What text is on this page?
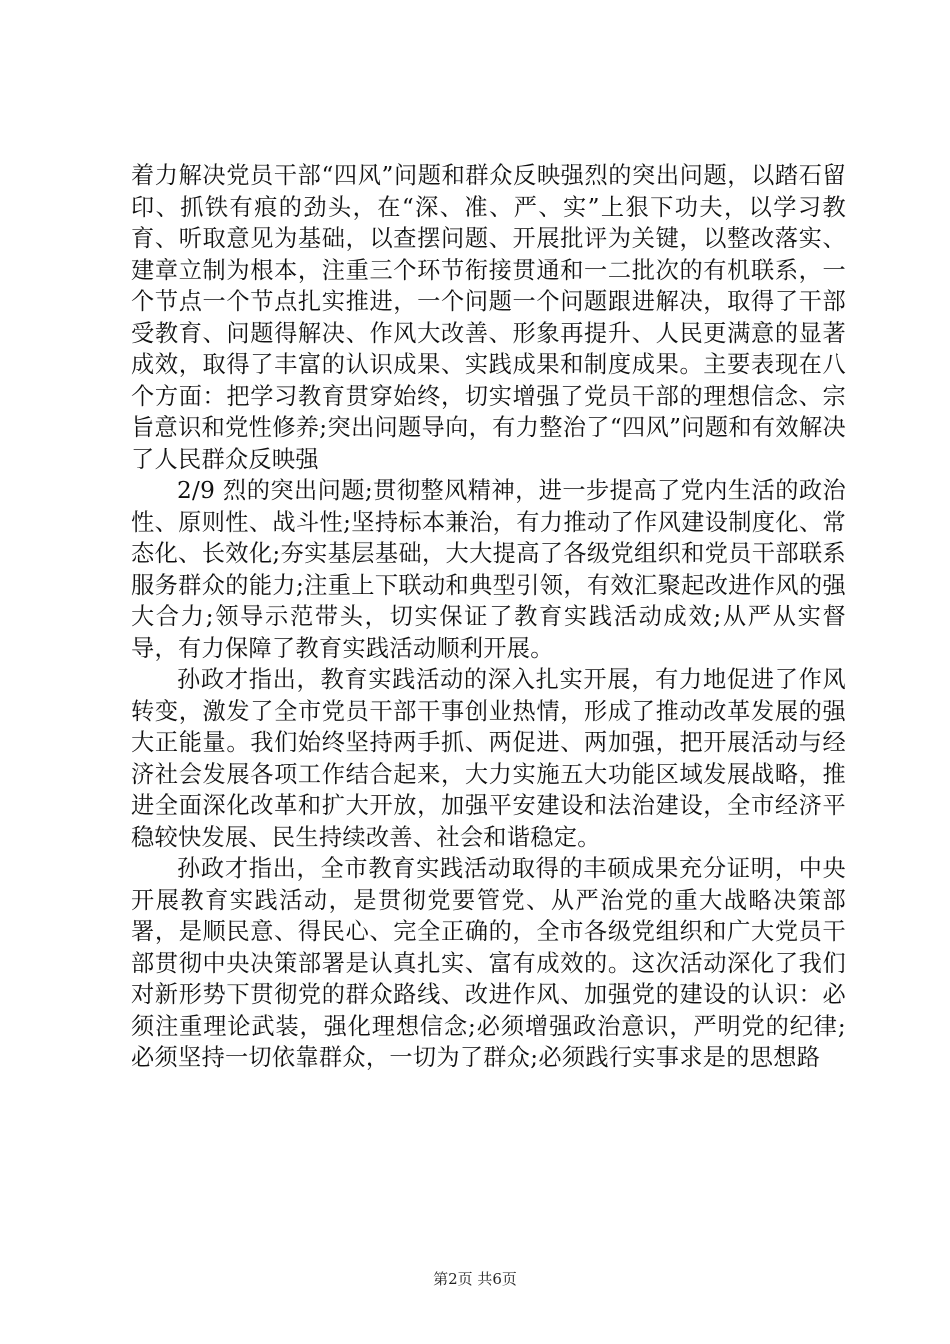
着力解决党员干部“四风”问题和群众反映强烈的突出问题，以踏石留印、抓铁有痕的劲头，在“深、准、严、实”上狠下功夫，以学习教育、听取意见为基础，以查摆问题、开展批评为关键，以整改落实、建章立制为根本，注重三个环节衔接贯通和一二批次的有机联系，一个节点一个节点扎实推进，一个问题一个问题跟进解决，取得了干部受教育、问题得解决、作风大改善、形象再提升、人民更满意的显著成效，取得了丰富的认识成果、实践成果和制度成果。主要表现在八个方面：把学习教育贯穿始终，切实增强了党员干部的理想信念、宗旨意识和党性修养;突出问题导向，有力整治了“四风”问题和有效解决了人民群众反映强

2/9 烈的突出问题;贯彻整风精神，进一步提高了党内生活的政治性、原则性、战斗性;坚持标本兼治，有力推动了作风建设制度化、常态化、长效化;夯实基层基础，大大提高了各级党组织和党员干部联系服务群众的能力;注重上下联动和典型引领，有效汇聚起改进作风的强大合力;领导示范带头，切实保证了教育实践活动成效;从严从实督导，有力保障了教育实践活动顺利开展。

孙政才指出，教育实践活动的深入扎实开展，有力地促进了作风转变，激发了全市党员干部干事创业热情，形成了推动改革发展的强大正能量。我们始终坚持两手抓、两促进、两加强，把开展活动与经济社会发展各项工作结合起来，大力实施五大功能区域发展战略，推进全面深化改革和扩大开放，加强平安建设和法治建设，全市经济平稳较快发展、民生持续改善、社会和谐稳定。

孙政才指出，全市教育实践活动取得的丰硕成果充分证明，中央开展教育实践活动，是贯彻党要管党、从严治党的重大战略决策部署，是顺民意、得民心、完全正确的，全市各级党组织和广大党员干部贯彻中央决策部署是认真扎实、富有成效的。这次活动深化了我们对新形势下贯彻党的群众路线、改进作风、加强党的建设的认识：必须注重理论武装，强化理想信念;必须增强政治意识，严明党的纪律;必须坚持一切依靠群众，一切为了群众;必须践行实事求是的思想路

第2页 共6页
